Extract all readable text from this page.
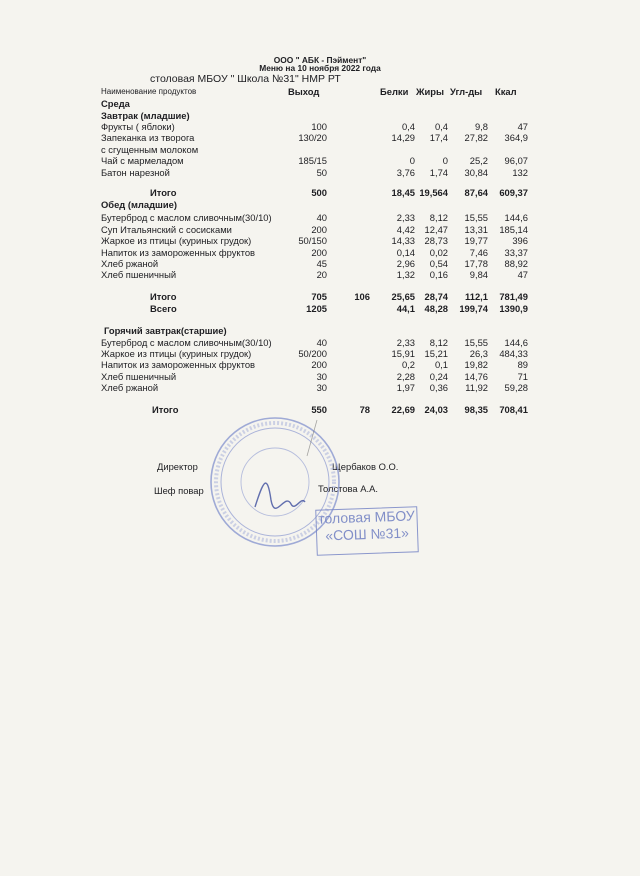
ООО " АБК - Пэймент"
Меню на 10 ноября 2022 года
столовая МБОУ " Школа №31" НМР РТ
Наименование продуктов	Выход	Белки Жиры Угл-ды Ккал
Среда
Завтрак (младшие)
Фрукты ( яблоки)	100	0,4	0,4	9,8	47
Запеканка из творога	130/20	14,29	17,4	27,82	364,9
с сгущенным молоком
Чай с мармеладом	185/15	0	0	25,2	96,07
Батон нарезной	50	3,76	1,74	30,84	132
Итого	500	18,45 19,564	87,64	609,37
Обед (младшие)
Бутерброд с маслом сливочным(30/10)	40	2,33	8,12	15,55	144,6
Суп Итальянский с сосисками	200	4,42	12,47	13,31	185,14
Жаркое из птицы (куриных грудок)	50/150	14,33	28,73	19,77	396
Напиток из замороженных фруктов	200	0,14	0,02	7,46	33,37
Хлеб ржаной	45	2,96	0,54	17,78	88,92
Хлеб пшеничный	20	1,32	0,16	9,84	47
Итого	705	106	25,65	28,74	112,1	781,49
Всего	1205	44,1	48,28	199,74	1390,9
Горячий завтрак(старшие)
Бутерброд с маслом сливочным(30/10)	40	2,33	8,12	15,55	144,6
Жаркое из птицы (куриных грудок)	50/200	15,91	15,21	26,3	484,33
Напиток из замороженных фруктов	200	0,2	0,1	19,82	89
Хлеб пшеничный	30	2,28	0,24	14,76	71
Хлеб ржаной	30	1,97	0,36	11,92	59,28
Итого	550	78	22,69	24,03	98,35	708,41
Директор	Щербаков О.О.
Шеф повар	Толстова А.А.
толовая МБОУ
«СОШ №31»
